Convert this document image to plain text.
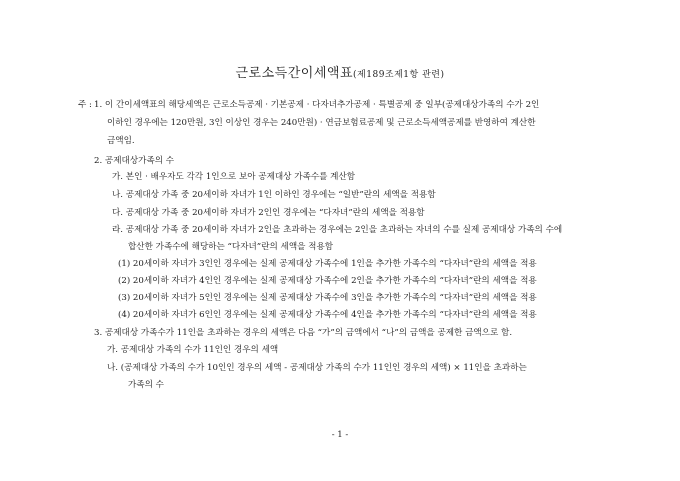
근로소득간이세액표(제189조제1항 관련)
주 : 1. 이 간이세액표의 해당세액은 근로소득공제 · 기본공제 · 다자녀추가공제 · 특별공제 중 일부(공제대상가족의 수가 2인
이하인 경우에는 120만원, 3인 이상인 경우는 240만원) · 연금보험료공제 및 근로소득세액공제를 반영하여 계산한
금액임.
2. 공제대상가족의 수
가. 본인 · 배우자도 각각 1인으로 보아 공제대상 가족수를 계산함
나. 공제대상 가족 중 20세이하 자녀가 1인 이하인 경우에는 “일반”란의 세액을 적용함
다. 공제대상 가족 중 20세이하 자녀가 2인인 경우에는 “다자녀”란의 세액을 적용함
라. 공제대상 가족 중 20세이하 자녀가 2인을 초과하는 경우에는 2인을 초과하는 자녀의 수를 실제 공제대상 가족의 수에
합산한 가족수에 해당하는 “다자녀”란의 세액을 적용함
(1) 20세이하 자녀가 3인인 경우에는 실제 공제대상 가족수에 1인을 추가한 가족수의 “다자녀”란의 세액을 적용
(2) 20세이하 자녀가 4인인 경우에는 실제 공제대상 가족수에 2인을 추가한 가족수의 “다자녀”란의 세액을 적용
(3) 20세이하 자녀가 5인인 경우에는 실제 공제대상 가족수에 3인을 추가한 가족수의 “다자녀”란의 세액을 적용
(4) 20세이하 자녀가 6인인 경우에는 실제 공제대상 가족수에 4인을 추가한 가족수의 “다자녀”란의 세액을 적용
3. 공제대상 가족수가 11인을 초과하는 경우의 세액은 다음 “가”의 금액에서 “나”의 금액을 공제한 금액으로 함.
가. 공제대상 가족의 수가 11인인 경우의 세액
나. (공제대상 가족의 수가 10인인 경우의 세액 - 공제대상 가족의 수가 11인인 경우의 세액) × 11인을 초과하는
가족의 수
- 1 -
